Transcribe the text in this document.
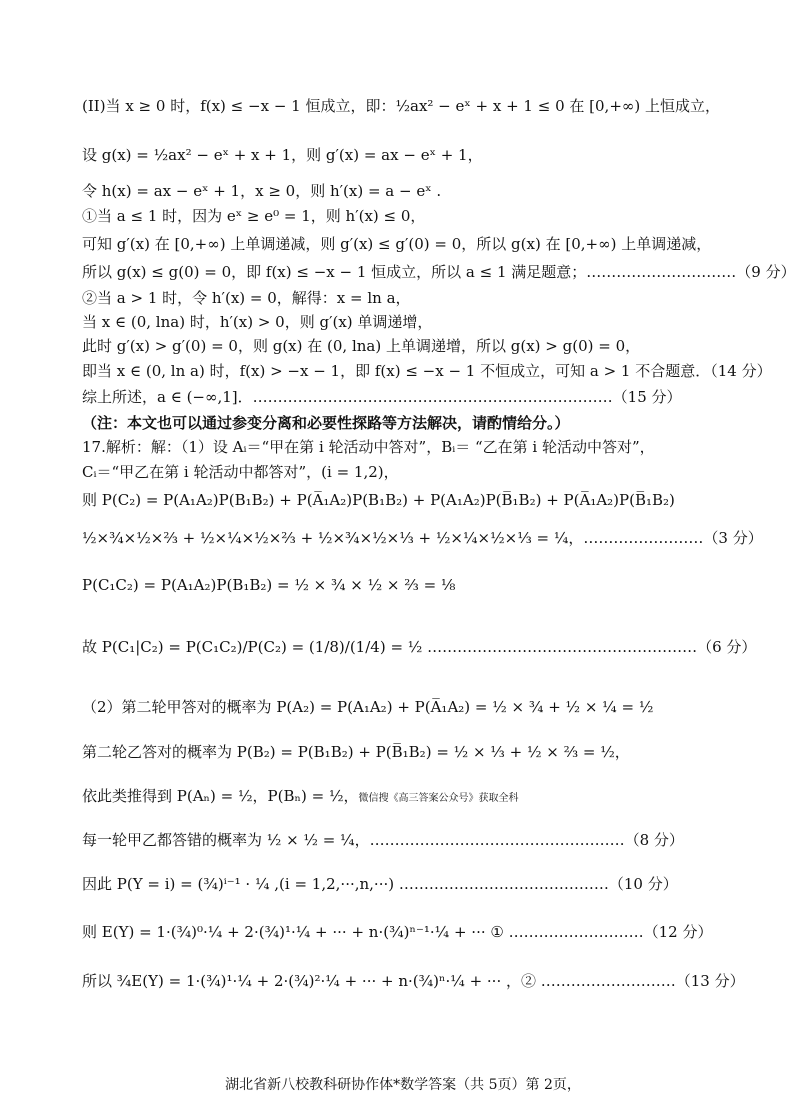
(II)当 x ≥ 0 时，f(x) ≤ −x − 1 恒成立，即：½ax² − eˣ + x + 1 ≤ 0 在 [0,+∞) 上恒成立，
设 g(x) = ½ax² − eˣ + x + 1，则 g′(x) = ax − eˣ + 1，
令 h(x) = ax − eˣ + 1，x ≥ 0，则 h′(x) = a − eˣ .
①当 a ≤ 1 时，因为 eˣ ≥ e⁰ = 1，则 h′(x) ≤ 0，
可知 g′(x) 在 [0,+∞) 上单调递减，则 g′(x) ≤ g′(0) = 0，所以 g(x) 在 [0,+∞) 上单调递减，
所以 g(x) ≤ g(0) = 0，即 f(x) ≤ −x − 1 恒成立，所以 a ≤ 1 满足题意；…………………………（9 分）
②当 a > 1 时，令 h′(x) = 0，解得：x = ln a，
当 x ∈ (0, lna) 时，h′(x) > 0，则 g′(x) 单调递增，
此时 g′(x) > g′(0) = 0，则 g(x) 在 (0, lna) 上单调递增，所以 g(x) > g(0) = 0，
即当 x ∈ (0, ln a) 时，f(x) > −x − 1，即 f(x) ≤ −x − 1 不恒成立，可知 a > 1 不合题意．（14 分）
综上所述，a ∈ (−∞,1]．………………………………………………………………（15 分）
（注：本文也可以通过参变分离和必要性探路等方法解决，请酌情给分。）
17.解析：解：（1）设 Aᵢ＝“甲在第 i 轮活动中答对”，Bᵢ＝ “乙在第 i 轮活动中答对”，
Cᵢ＝“甲乙在第 i 轮活动中都答对”，(i = 1,2)，
则 P(C₂) = P(A₁A₂)P(B₁B₂) + P(A̅₁A₂)P(B₁B₂) + P(A₁A₂)P(B̅₁B₂) + P(A̅₁A₂)P(B̅₁B₂)
½×¾×½×⅔ + ½×¼×½×⅔ + ½×¾×½×⅓ + ½×¼×½×⅓ = ¼，……………………（3 分）
P(C₁C₂) = P(A₁A₂)P(B₁B₂) = ½ × ¾ × ½ × ⅔ = ⅛
故 P(C₁|C₂) = P(C₁C₂)/P(C₂) = (1/8)/(1/4) = ½ ………………………………………………（6 分）
（2）第二轮甲答对的概率为 P(A₂) = P(A₁A₂) + P(A̅₁A₂) = ½ × ¾ + ½ × ¼ = ½
第二轮乙答对的概率为 P(B₂) = P(B₁B₂) + P(B̅₁B₂) = ½ × ⅓ + ½ × ⅔ = ½，
依此类推得到 P(Aₙ) = ½，P(Bₙ) = ½，微信搜《高三答案公众号》获取全科
每一轮甲乙都答错的概率为 ½ × ½ = ¼，……………………………………………（8 分）
因此 P(Y = i) = (¾)ⁱ⁻¹ · ¼ ,(i = 1,2,···,n,···) ……………………………………（10 分）
则 E(Y) = 1·(¾)⁰·¼ + 2·(¾)¹·¼ + ··· + n·(¾)ⁿ⁻¹·¼ + ··· ① ………………………（12 分）
所以 ¾E(Y) = 1·(¾)¹·¼ + 2·(¾)²·¼ + ··· + n·(¾)ⁿ·¼ + ··· ，② ………………………（13 分）
湖北省新八校教科研协作体*数学答案（共 5页）第 2页，
